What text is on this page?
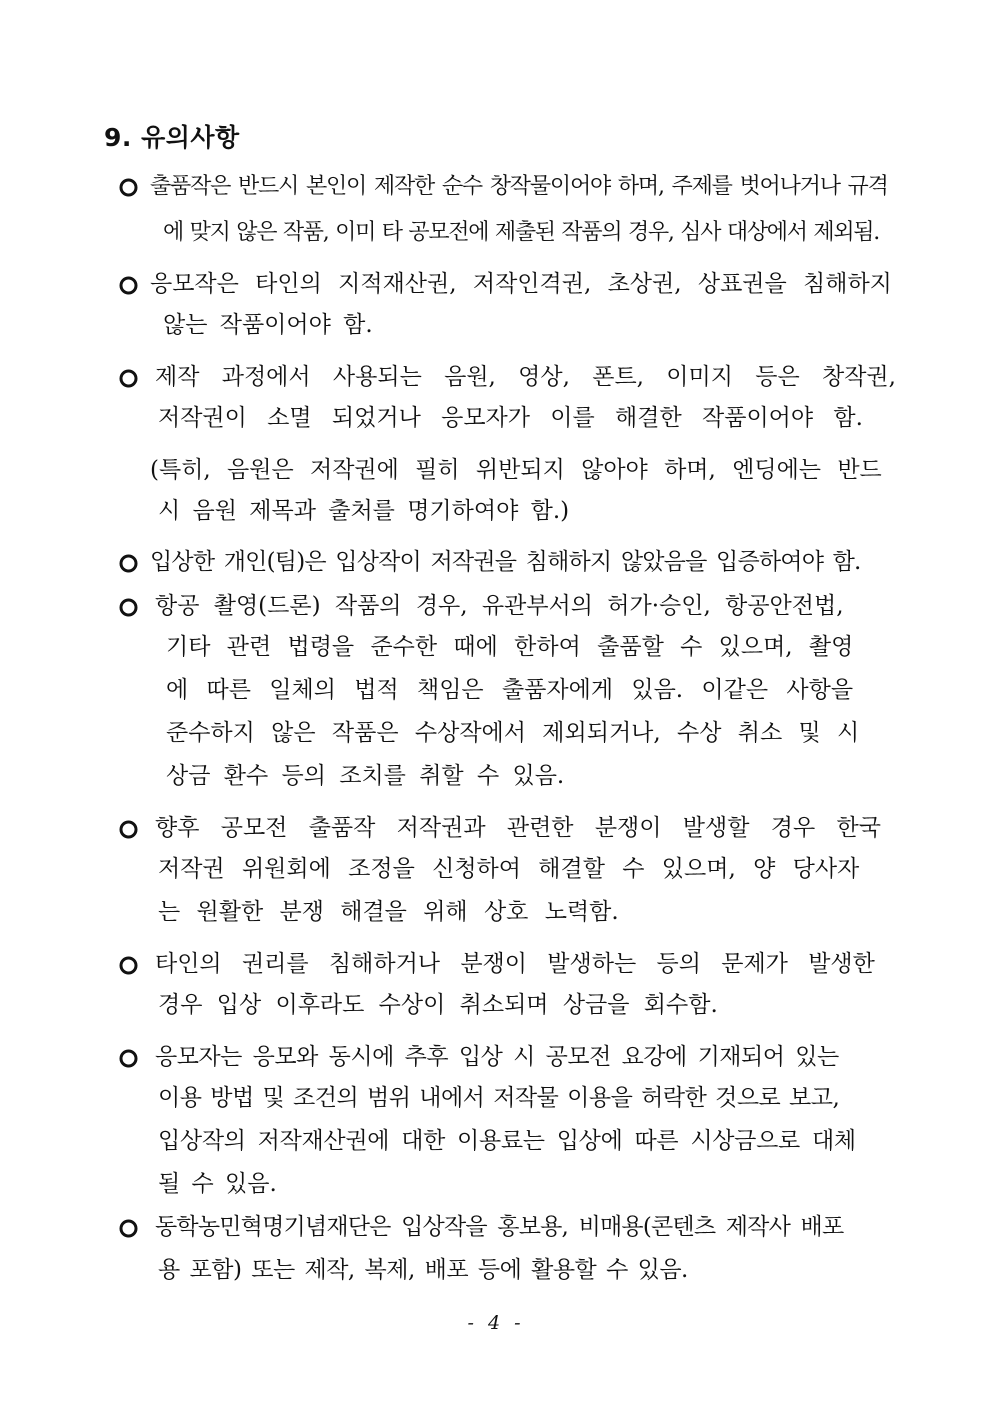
9. 유의사항
출품작은 반드시 본인이 제작한 순수 창작물이어야 하며, 주제를 벗어나거나 규격
에 맞지 않은 작품, 이미 타 공모전에 제출된 작품의 경우, 심사 대상에서 제외됨.
응모작은 타인의 지적재산권, 저작인격권, 초상권, 상표권을 침해하지
않는 작품이어야 함.
제작 과정에서 사용되는 음원, 영상, 폰트, 이미지 등은 창작권,
저작권이 소멸 되었거나 응모자가 이를 해결한 작품이어야 함.
(특히, 음원은 저작권에 필히 위반되지 않아야 하며, 엔딩에는 반드
시 음원 제목과 출처를 명기하여야 함.)
입상한 개인(팀)은 입상작이 저작권을 침해하지 않았음을 입증하여야 함.
항공 촬영(드론) 작품의 경우, 유관부서의 허가·승인, 항공안전법,
기타 관련 법령을 준수한 때에 한하여 출품할 수 있으며, 촬영
에 따른 일체의 법적 책임은 출품자에게 있음. 이같은 사항을
준수하지 않은 작품은 수상작에서 제외되거나, 수상 취소 및 시
상금 환수 등의 조치를 취할 수 있음.
향후 공모전 출품작 저작권과 관련한 분쟁이 발생할 경우 한국
저작권 위원회에 조정을 신청하여 해결할 수 있으며, 양 당사자
는 원활한 분쟁 해결을 위해 상호 노력함.
타인의 권리를 침해하거나 분쟁이 발생하는 등의 문제가 발생한
경우 입상 이후라도 수상이 취소되며 상금을 회수함.
응모자는 응모와 동시에 추후 입상 시 공모전 요강에 기재되어 있는
이용 방법 및 조건의 범위 내에서 저작물 이용을 허락한 것으로 보고,
입상작의 저작재산권에 대한 이용료는 입상에 따른 시상금으로 대체
될 수 있음.
동학농민혁명기념재단은 입상작을 홍보용, 비매용(콘텐츠 제작사 배포
용 포함) 또는 제작, 복제, 배포 등에 활용할 수 있음.
- 4 -
